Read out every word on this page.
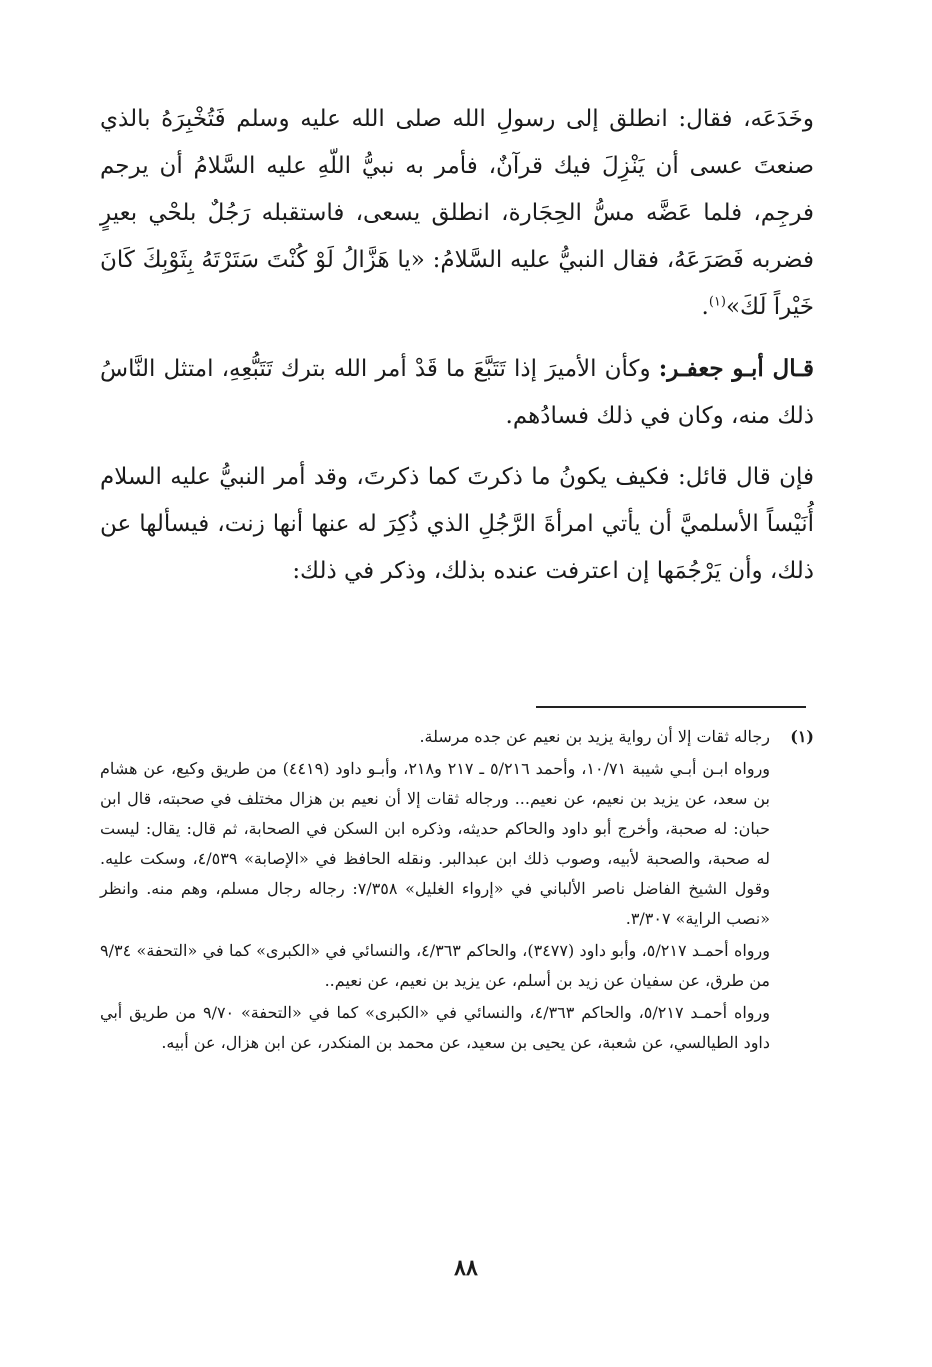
وخَدَعَه، فقال: انطلق إلى رسولِ الله صلى الله عليه وسلم فَتُخْبِرَهُ بالذي صنعتَ عسى أن يَنْزِلَ فيك قرآنٌ، فأمر به نبيُّ اللّهِ عليه السَّلامُ أن يرجم فرجِم، فلما عَضَّه مسُّ الحِجَارة، انطلق يسعى، فاستقبله رَجُلٌ بلحْي بعيرٍ فضربه فَصَرَعَهُ، فقال النبيُّ عليه السَّلامُ: «يا هَزَّالُ لَوْ كُنْتَ سَتَرْتَهُ بِثَوْبِكَ كَانَ خَيْراً لَكَ»$^{(١)}$.

قـال أبـو جعفـر: وكأن الأميرَ إذا تَتَبَّعَ ما قَدْ أمر الله بترك تَتَبُّعِهِ، امتثل النَّاسُ ذلك منه، وكان في ذلك فسادُهم.

فإن قال قائل: فكيف يكونُ ما ذكرتَ كما ذكرتَ، وقد أمر النبيُّ عليه السلام أُنَيْساً الأسلميَّ أن يأتي امرأةَ الرَّجُلِ الذي ذُكِرَ له عنها أنها زنت، فيسألها عن ذلك، وأن يَرْجُمَها إن اعترفت عنده بذلك، وذكر في ذلك:

(١)

رجاله ثقات إلا أن رواية يزيد بن نعيم عن جده مرسلة.

ورواه ابـن أبـي شيبة ١٠/٧١، وأحمد ٥/٢١٦ ـ ٢١٧ و٢١٨، وأبـو داود (٤٤١٩) من طريق وكيع، عن هشام بن سعد، عن يزيد بن نعيم، عن نعيم... ورجاله ثقات إلا أن نعيم بن هزال مختلف في صحبته، قال ابن حبان: له صحبة، وأخرج أبو داود والحاكم حديثه، وذكره ابن السكن في الصحابة، ثم قال: يقال: ليست له صحبة، والصحبة لأبيه، وصوب ذلك ابن عبدالبر. ونقله الحافظ في «الإصابة» ٤/٥٣٩، وسكت عليه. وقول الشيخ الفاضل ناصر الألباني في «إرواء الغليل» ٧/٣٥٨: رجاله رجال مسلم، وهم منه. وانظر «نصب الراية» ٣/٣٠٧.

ورواه أحمـد ٥/٢١٧، وأبو داود (٣٤٧٧)، والحاكم ٤/٣٦٣، والنسائي في «الكبرى» كما في «التحفة» ٩/٣٤ من طرق، عن سفيان عن زيد بن أسلم، عن يزيد بن نعيم، عن نعيم..

ورواه أحمـد ٥/٢١٧، والحاكم ٤/٣٦٣، والنسائي في «الكبرى» كما في «التحفة» ٩/٧٠ من طريق أبي داود الطيالسي، عن شعبة، عن يحيى بن سعيد، عن محمد بن المنكدر، عن ابن هزال، عن أبيه.

٨٨
